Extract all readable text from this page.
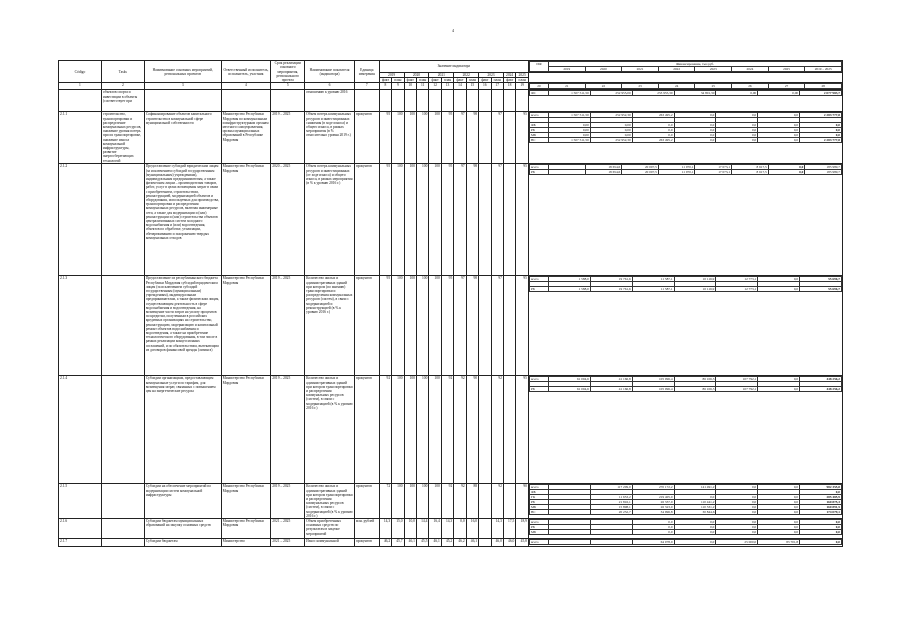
4
Código	Tasks	Наименование основных мероприятий, региональных проектов	Ответственный исполнитель, исполнитель, участник	Срок реализации основного мероприятия, регионального проекта	Наименование показателя (индикатора)	Единица измерения	Значение индикатора	
ИФ	Финансирование, тыс.руб.
2019	2020	2021	2022	2023	2024	2025	2019 – 2025

2019	2020	2021	2022	2023	2024	2025	
факт	план	факт	план	факт	план	факт	план	факт	план	факт	план
1	2	3	4	5	6	7	8	9	10	11	12	13	14	15	16	17	18	19		20	21	22	23	24	25	26	27	28

	объектов спорта и инвестиции в объекты (соответствует при				отношению к уровню 2016															ФС	1 507 511,50	252 955,00	253 955,30	34 801,30	0,00	0,00	2 077 983,7

2.1.1	строительство, транспортировки и распределение коммунальных ресурсов, снижение уровня потерь при их транспортировке, снижение износа коммунальной инфраструктуры, развитие энергосберегающих технологий	Софинансирование объектов капитального строительства в коммунальной сфере муниципальной собственности	Министерство Республики Мордовия по коммунальным и инфраструктурным органам местного самоуправления, органы муниципальных образований в Республике Мордовия	2019 – 2025	Объем потерь коммунальных ресурсов и инвестиционных снижения (в ходе износа) и общего износа, в рамках мероприятия (в % относительно уровня 2019 г.)	процентов	95	100	100	100	100	95	97	98		97		95	всего	1 507 511,50	252 952,30	263 495,2	0,0	0,0	0,0	2 283 777,8

ФБ	0,00	0,00	0,0	0,0	0,0	0,0	0,0
РБ	0,00	0,00	0,0	0,0	0,0	0,0	0,0
МБ	0,00	0,00	0,0	0,0	0,0	0,0	0,0
ВС	1 507 511,50	252 952,30	263 495,2	0,0	0,0	0,0	2 283 777,8

2.1.2		Предоставление субсидий юридическим лицам (за исключением субсидий государственным (муниципальным) учреждениям), индивидуальным предпринимателям, а также физическим лицам – производителям товаров, работ, услуг в целях возмещения затрат в связи с приобретением, строительством, реконструкцией, модернизацией объектов и оборудования, используемых для производства, транспортировки и распределения коммунальных ресурсов, включая инженерные сети, а также для модернизации и (или) реконструкции и (или) строительства объектов централизованных систем холодного водоснабжения и (или) водоотведения, объектов по обработке, утилизации, обезвреживанию и захоронению твердых коммунальных отходов	Министерство Республики Мордовия	2020 – 2025	Объем потерь коммунальных ресурсов и инвестиционных (от ходе износа) и общего износа, в рамках мероприятия (в % к уровню 2016 г.)	процентов	95	100	100	100	100	95	97	98		97		95	всего		18 654,6	20 007,5	11 970,1	17 073,1	8 617,5	0,0	185 989,7
РБ		18 654,6	20 007,5	11 970,1	17 073,1	8 617,5	0,0	185 989,7

2.1.3		Предоставление из республиканского бюджета Республики Мордовия субсидий юридическим лицам (за исключением субсидий государственным (муниципальным) учреждениям), индивидуальным предпринимателям, а также физическим лицам, осуществляющим деятельность в сфере водоснабжения и водоотведения, на возмещение части затрат на уплату процентов по кредитам, полученным в российских кредитных организациях на строительство, реконструкцию, модернизацию и капитальный ремонт объектов водоснабжения и водоотведения, а также на приобретение технологического оборудования, в том числе в рамках реализации концессионных соглашений, и по обязательствам, вытекающим из договоров финансовой аренды (лизинга)	Министерство Республики Мордовия	2019 – 2025	Количество жилых и административных зданий при котором (по мнению) транспортировки и распределения коммунальных ресурсов (систем), в связи с модернизацией и реконструкцией (в % к уровню 2016 г.)	процентов	95	100	100	100	100	95	97	98		97		95	всего	1 588,0	19 761,6	11 587,1	10 116,9	12 773,1	0,0	55 696,7

РБ	1 588,0	19 761,6	11 587,1	10 116,9	12 773,1	0,0	55 696,7

2.1.4		Субсидии организациям, предоставляющим коммунальные услуги по тарифам, для возмещения затрат, связанных с повышением цен на энергетические ресурсы	Министерство Республики Мордовия	2019 – 2025	Количество жилых и административных зданий при котором транспортировки и распределения коммунальных ресурсов (систем), в связи с модернизацией (в % к уровню 2016 г.)	процентов	92	100	100	100	100	92	92	90		92		95	всего	61 094,6	41 166,8	105 096,4	86 106,3	107 792,1	0,0	448 256,2

РБ	61 094,6	41 166,8	105 096,4	86 106,3	107 792,1	0,0	448 256,2

2.1.5		Субсидии на обеспечение мероприятий по модернизации систем коммунальной инфраструктуры	Министерство Республики Мордовия	2019 – 2025	Количество жилых и административных зданий при котором транспортировки и распределения коммунальных ресурсов (систем), в связи с модернизацией (в % к уровню 2016 г.)	процентов	72	100	100	100	100	92	92	88		92		90	всего		117 209,0	270 172,2	141 491,2	0,0	0,0	982 355,8
ФБ							0,0
ГК		11 653,2	219 405,0	0,0	0,0	0,0	285 485,9
РБ		21 816,1	26 337,9	110 441,2	0,0	0,0	160 875,3
МБ		15 898,1	26 323,0	110 331,2	0,0	0,0	160 891,5
ВС		20 232,7	34 996,8	30 844,6	0,0	0,0	174 079,1

2.1.6		Субсидии бюджетам муниципальных образований на закупку основных средств	Министерство Республики Мордовия	2021 – 2025	Объем приобретенных основных средств по результатам в закупке мероприятий	млн. рублей	14,3	15,0	10,0	14,4	16,4	14,3	0,0	16,0		14,3	17,5	18,9	всего			0,0	0,0	0,0	0,0	0,0
РБ			0,0	0,0	0,0	0,0	0,0
МБ			0,0	0,0	0,0	0,0	0,0

2.1.7		Субсидии бюджетам	Министерство	2021 – 2025	Износ коммунальной	процентов	46,2	45,7	46,1	45,5	46,1	45,2	46,2	46,1		46,0	46,0	45,8	всего			64 078,9	0,0	25 000,0	83 701,8	0,0
